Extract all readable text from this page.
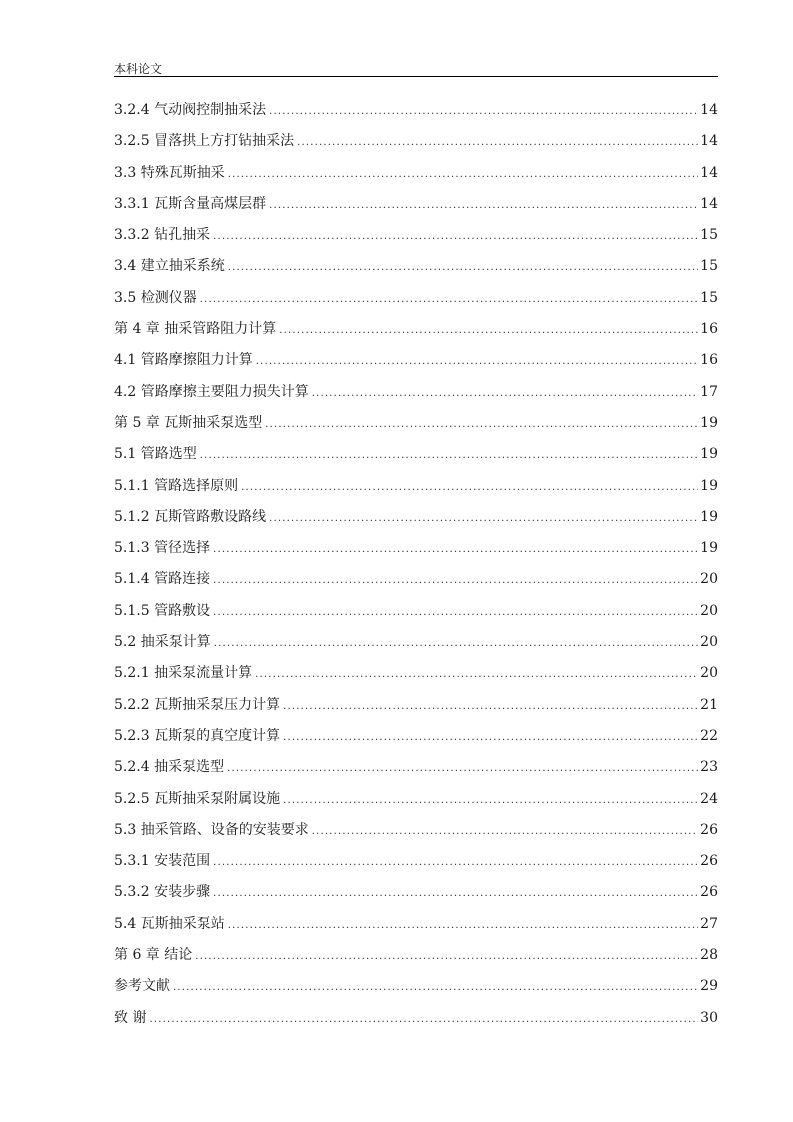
本科论文
3.2.4 气动阀控制抽采法 .....	14
3.2.5 冒落拱上方打钻抽采法 .....	14
3.3 特殊瓦斯抽采 .....	14
3.3.1 瓦斯含量高煤层群 .....	14
3.3.2 钻孔抽采 .....	15
3.4 建立抽采系统 .....	15
3.5 检测仪器 .....	15
第 4 章 抽采管路阻力计算 .....	16
4.1 管路摩擦阻力计算 .....	16
4.2 管路摩擦主要阻力损失计算 .....	17
第 5 章 瓦斯抽采泵选型 .....	19
5.1 管路选型 .....	19
5.1.1 管路选择原则 .....	19
5.1.2 瓦斯管路敷设路线 .....	19
5.1.3 管径选择 .....	19
5.1.4 管路连接 .....	20
5.1.5 管路敷设 .....	20
5.2 抽采泵计算 .....	20
5.2.1 抽采泵流量计算 .....	20
5.2.2 瓦斯抽采泵压力计算 .....	21
5.2.3 瓦斯泵的真空度计算 .....	22
5.2.4 抽采泵选型 .....	23
5.2.5 瓦斯抽采泵附属设施 .....	24
5.3 抽采管路、设备的安装要求 .....	26
5.3.1 安装范围 .....	26
5.3.2 安装步骤 .....	26
5.4 瓦斯抽采泵站 .....	27
第 6 章 结论 .....	28
参考文献 .....	29
致 谢 .....	30
